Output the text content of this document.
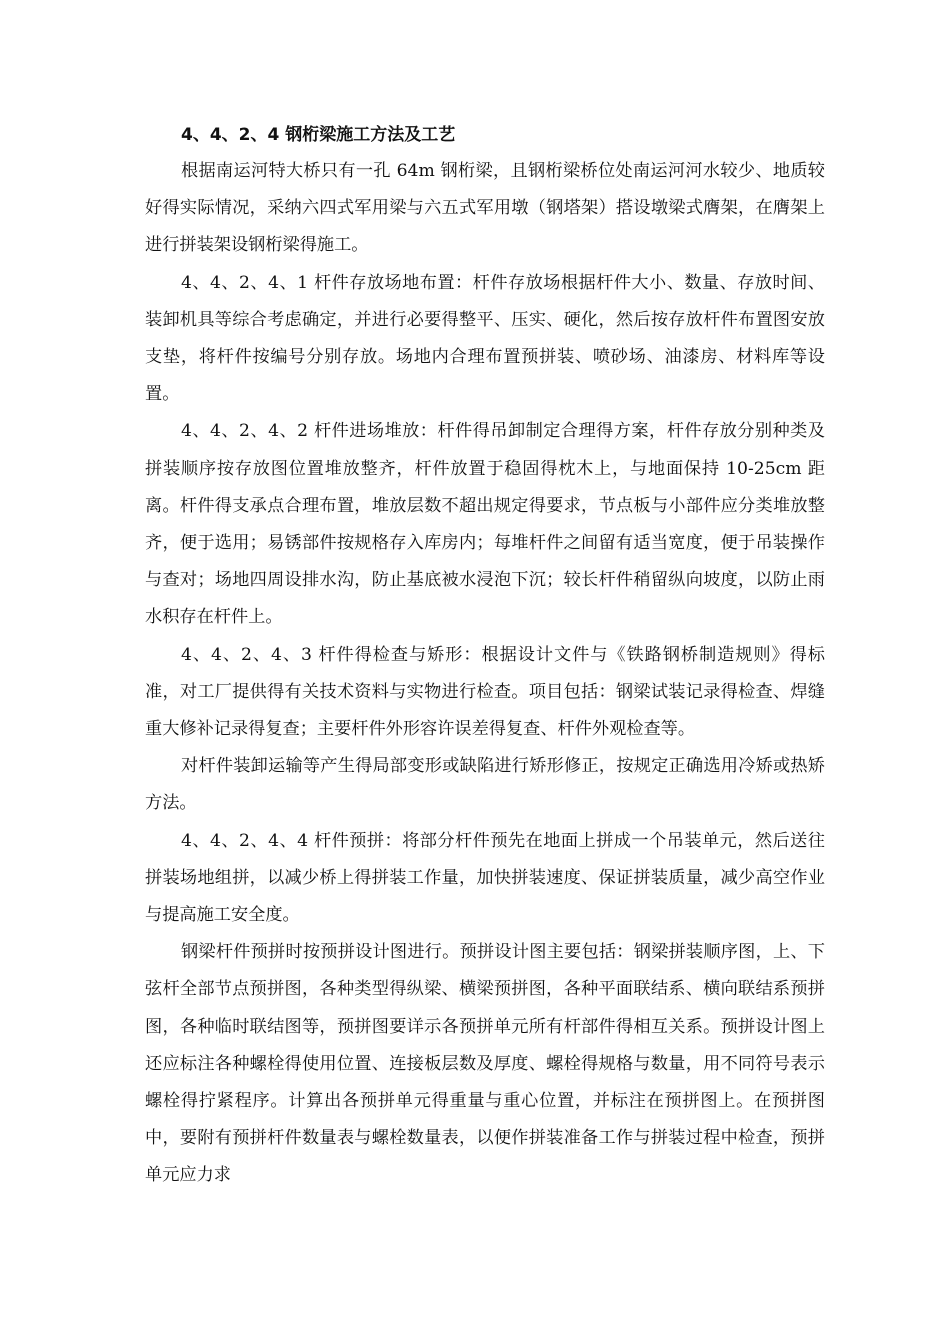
4、4、2、4 钢桁梁施工方法及工艺

根据南运河特大桥只有一孔 64m 钢桁梁，且钢桁梁桥位处南运河河水较少、地质较好得实际情况，采纳六四式军用梁与六五式军用墩（钢塔架）搭设墩梁式膺架，在膺架上进行拼装架设钢桁梁得施工。

4、4、2、4、1 杆件存放场地布置：杆件存放场根据杆件大小、数量、存放时间、装卸机具等综合考虑确定，并进行必要得整平、压实、硬化，然后按存放杆件布置图安放支垫，将杆件按编号分别存放。场地内合理布置预拼装、喷砂场、油漆房、材料库等设置。

4、4、2、4、2 杆件进场堆放：杆件得吊卸制定合理得方案，杆件存放分别种类及拼装顺序按存放图位置堆放整齐，杆件放置于稳固得枕木上，与地面保持 10-25cm 距离。杆件得支承点合理布置，堆放层数不超出规定得要求，节点板与小部件应分类堆放整齐，便于选用；易锈部件按规格存入库房内；每堆杆件之间留有适当宽度，便于吊装操作与查对；场地四周设排水沟，防止基底被水浸泡下沉；较长杆件稍留纵向坡度，以防止雨水积存在杆件上。

4、4、2、4、3 杆件得检查与矫形：根据设计文件与《铁路钢桥制造规则》得标准，对工厂提供得有关技术资料与实物进行检查。项目包括：钢梁试装记录得检查、焊缝重大修补记录得复查；主要杆件外形容许误差得复查、杆件外观检查等。

对杆件装卸运输等产生得局部变形或缺陷进行矫形修正，按规定正确选用冷矫或热矫方法。

4、4、2、4、4 杆件预拼：将部分杆件预先在地面上拼成一个吊装单元，然后送往拼装场地组拼，以减少桥上得拼装工作量，加快拼装速度、保证拼装质量，减少高空作业与提高施工安全度。

钢梁杆件预拼时按预拼设计图进行。预拼设计图主要包括：钢梁拼装顺序图，上、下弦杆全部节点预拼图，各种类型得纵梁、横梁预拼图，各种平面联结系、横向联结系预拼图，各种临时联结图等，预拼图要详示各预拼单元所有杆部件得相互关系。预拼设计图上还应标注各种螺栓得使用位置、连接板层数及厚度、螺栓得规格与数量，用不同符号表示螺栓得拧紧程序。计算出各预拼单元得重量与重心位置，并标注在预拼图上。在预拼图中，要附有预拼杆件数量表与螺栓数量表，以便作拼装准备工作与拼装过程中检查，预拼单元应力求
